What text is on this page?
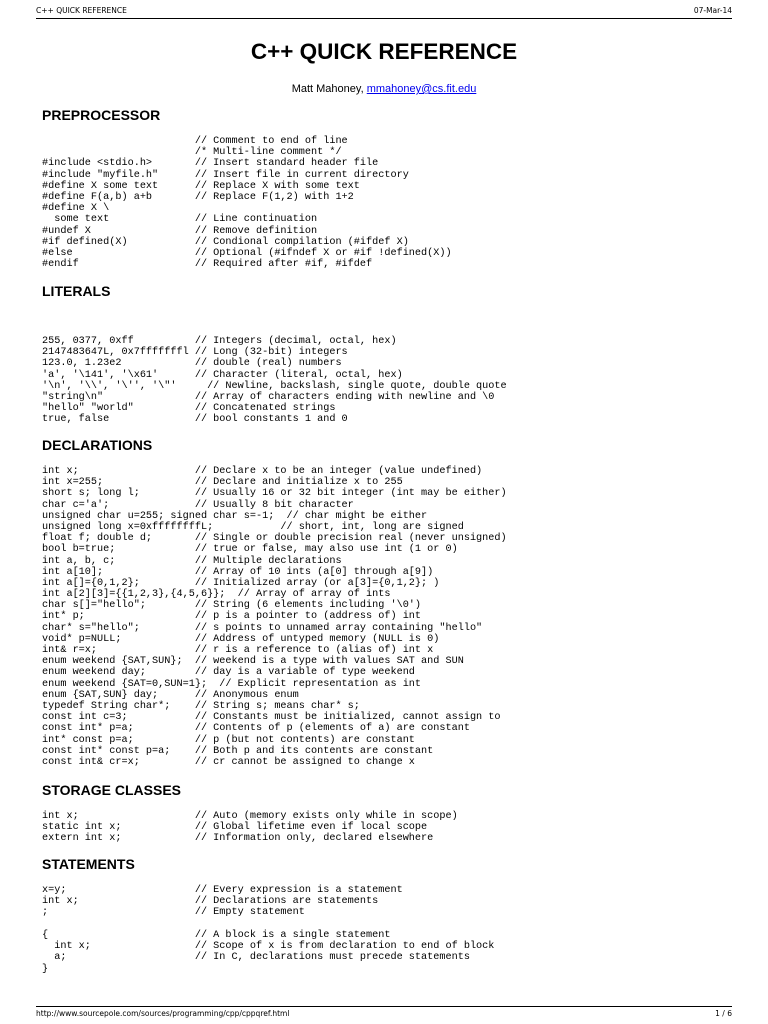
C++ QUICK REFERENCE	07-Mar-14
C++ QUICK REFERENCE
Matt Mahoney, mmahoney@cs.fit.edu
PREPROCESSOR
// Comment to end of line
/* Multi-line comment */
#include <stdio.h>       // Insert standard header file
#include "myfile.h"      // Insert file in current directory
#define X some text      // Replace X with some text
#define F(a,b) a+b       // Replace F(1,2) with 1+2
#define X \
some text              // Line continuation
#undef X                 // Remove definition
#if defined(X)           // Condional compilation (#ifdef X)
#else                    // Optional (#ifndef X or #if !defined(X))
#endif                   // Required after #if, #ifdef
LITERALS
255, 0377, 0xff          // Integers (decimal, octal, hex)
2147483647L, 0x7fffffffl // Long (32-bit) integers
123.0, 1.23e2            // double (real) numbers
'a', '\141', '\x61'      // Character (literal, octal, hex)
'\n', '\\', '\'', '\"'     // Newline, backslash, single quote, double quote
"string\n"               // Array of characters ending with newline and \0
"hello" "world"          // Concatenated strings
true, false              // bool constants 1 and 0
DECLARATIONS
int x;                   // Declare x to be an integer (value undefined)
int x=255;               // Declare and initialize x to 255
short s; long l;         // Usually 16 or 32 bit integer (int may be either)
char c='a';              // Usually 8 bit character
unsigned char u=255; signed char s=-1;  // char might be either
unsigned long x=0xffffffffL;           // short, int, long are signed
float f; double d;       // Single or double precision real (never unsigned)
bool b=true;             // true or false, may also use int (1 or 0)
int a, b, c;             // Multiple declarations
int a[10];               // Array of 10 ints (a[0] through a[9])
int a[]={0,1,2};         // Initialized array (or a[3]={0,1,2}; )
int a[2][3]={{1,2,3},{4,5,6}};  // Array of array of ints
char s[]="hello";        // String (6 elements including '\0')
int* p;                  // p is a pointer to (address of) int
char* s="hello";         // s points to unnamed array containing "hello"
void* p=NULL;            // Address of untyped memory (NULL is 0)
int& r=x;                // r is a reference to (alias of) int x
enum weekend {SAT,SUN};  // weekend is a type with values SAT and SUN
enum weekend day;        // day is a variable of type weekend
enum weekend {SAT=0,SUN=1};  // Explicit representation as int
enum {SAT,SUN} day;      // Anonymous enum
typedef String char*;    // String s; means char* s;
const int c=3;           // Constants must be initialized, cannot assign to
const int* p=a;          // Contents of p (elements of a) are constant
int* const p=a;          // p (but not contents) are constant
const int* const p=a;    // Both p and its contents are constant
const int& cr=x;         // cr cannot be assigned to change x
STORAGE CLASSES
int x;                   // Auto (memory exists only while in scope)
static int x;            // Global lifetime even if local scope
extern int x;            // Information only, declared elsewhere
STATEMENTS
x=y;                     // Every expression is a statement
int x;                   // Declarations are statements
;                        // Empty statement
{                        // A block is a single statement
int x;                 // Scope of x is from declaration to end of block
a;                     // In C, declarations must precede statements
}
http://www.sourcepole.com/sources/programming/cpp/cppqref.html	1 / 6
